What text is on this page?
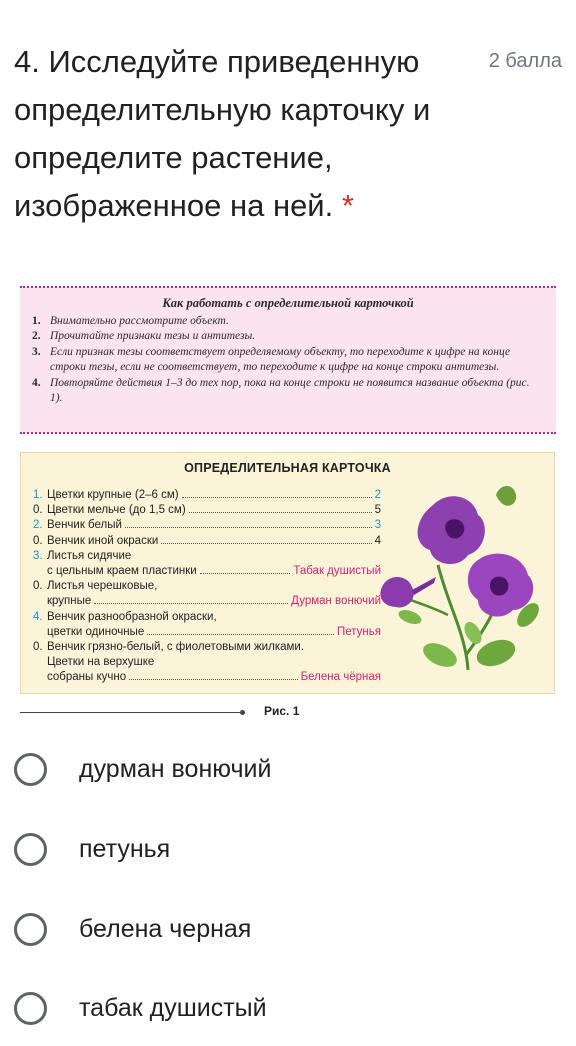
4. Исследуйте приведенную определительную карточку и определите растение, изображенное на ней. *
2 балла
Как работать с определительной карточкой
1. Внимательно рассмотрите объект.
2. Прочитайте признаки тезы и антитезы.
3. Если признак тезы соответствует определяемому объекту, то переходите к цифре на конце строки тезы, если не соответствует, то переходите к цифре на конце строки антитезы.
4. Повторяйте действия 1–3 до тех пор, пока на конце строки не появится название объекта (рис. 1).
ОПРЕДЕЛИТЕЛЬНАЯ КАРТОЧКА
1. Цветки крупные (2–6 см)	2
0. Цветки мельче (до 1,5 см)	5
2. Венчик белый	3
0. Венчик иной окраски	4
3. Листья сидячие
с цельным краем пластинки	Табак душистый
0. Листья черешковые,
крупные	Дурман вонючий
4. Венчик разнообразной окраски,
цветки одиночные	Петунья
0. Венчик грязно-белый, с фиолетовыми жилками.
Цветки на верхушке
собраны кучно	Белена чёрная
Рис. 1
дурман вонючий
петунья
белена черная
табак душистый
